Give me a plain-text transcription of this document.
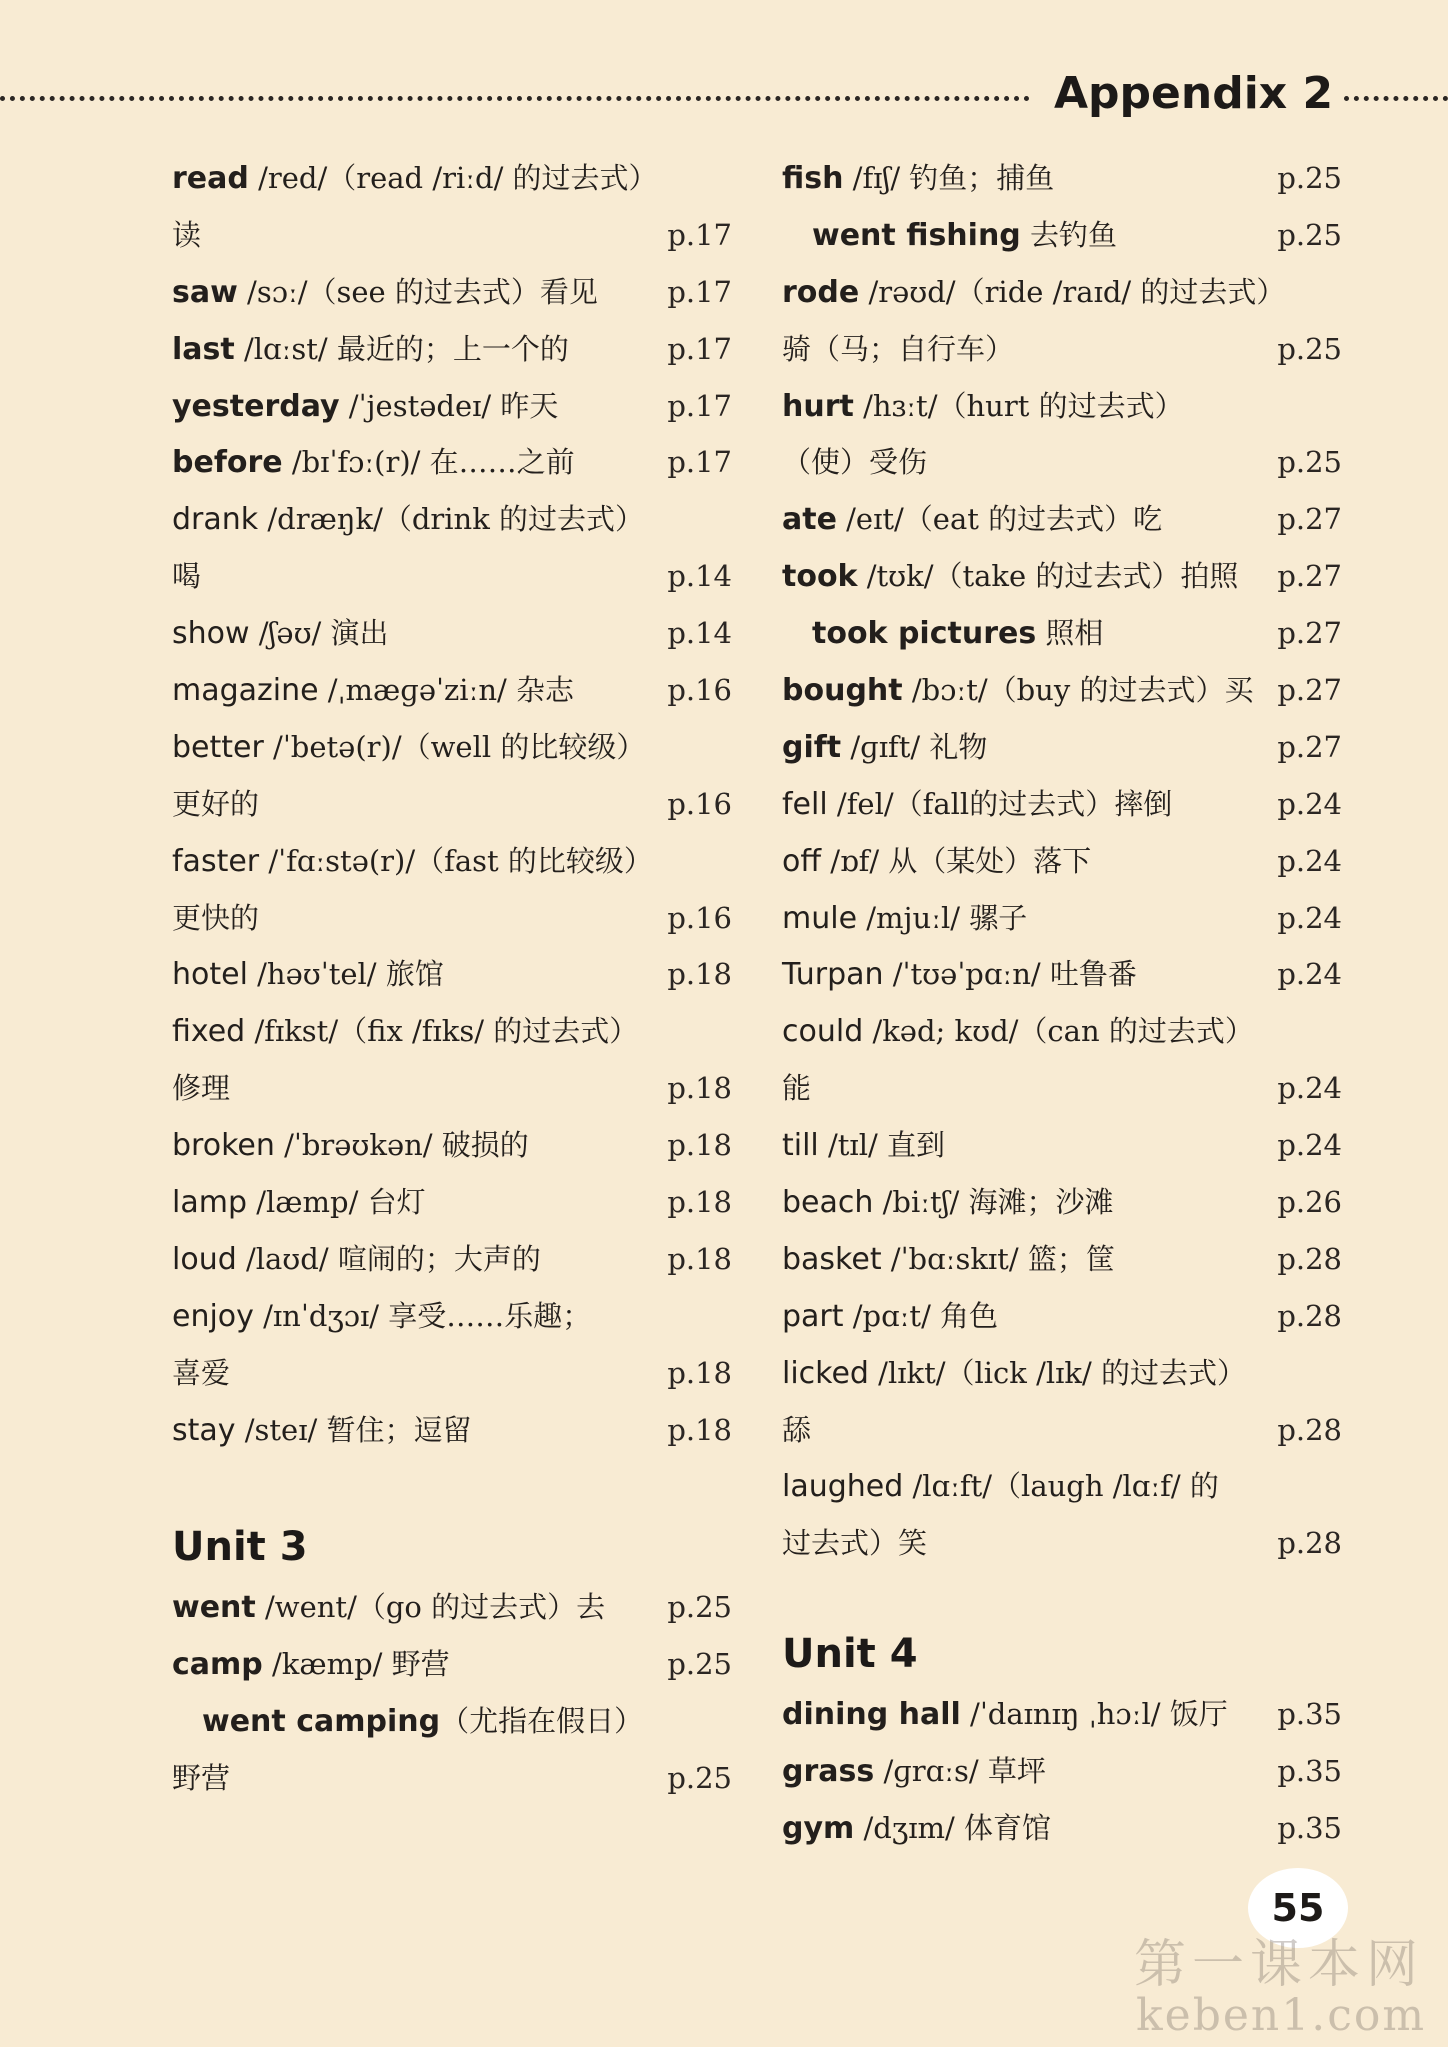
Appendix 2
read /red/（read /riːd/ 的过去式）
读	p.17
saw /sɔː/（see 的过去式）看见 p.17
last /lɑːst/ 最近的；上一个的	p.17
yesterday /ˈjestədeɪ/ 昨天	p.17
before /bɪˈfɔː(r)/ 在……之前	p.17
drank /dræŋk/（drink 的过去式）
喝	p.14
show /ʃəʊ/ 演出	p.14
magazine /ˌmæɡəˈziːn/ 杂志	p.16
better /ˈbetə(r)/（well 的比较级）
更好的	p.16
faster /ˈfɑːstə(r)/（fast 的比较级）
更快的	p.16
hotel /həʊˈtel/ 旅馆	p.18
fixed /fɪkst/（fix /fɪks/ 的过去式）
修理	p.18
broken /ˈbrəʊkən/ 破损的	p.18
lamp /læmp/ 台灯	p.18
loud /laʊd/ 喧闹的；大声的	p.18
enjoy /ɪnˈdʒɔɪ/ 享受……乐趣；
喜爱	p.18
stay /steɪ/ 暂住；逗留	p.18
Unit 3
went /went/（go 的过去式）去 p.25
camp /kæmp/ 野营	p.25
went camping（尤指在假日）
野营	p.25
fish /fɪʃ/ 钓鱼；捕鱼	p.25
went fishing 去钓鱼	p.25
rode /rəʊd/（ride /raɪd/ 的过去式）
骑（马；自行车）	p.25
hurt /hɜːt/（hurt 的过去式）
（使）受伤	p.25
ate /eɪt/（eat 的过去式）吃	p.27
took /tʊk/（take 的过去式）拍照 p.27
took pictures 照相	p.27
bought /bɔːt/（buy 的过去式）买 p.27
gift /ɡɪft/ 礼物	p.27
fell /fel/（fall的过去式）摔倒	p.24
off /ɒf/ 从（某处）落下	p.24
mule /mjuːl/ 骡子	p.24
Turpan /ˈtʊəˈpɑːn/ 吐鲁番	p.24
could /kəd; kʊd/（can 的过去式）
能	p.24
till /tɪl/ 直到	p.24
beach /biːtʃ/ 海滩；沙滩	p.26
basket /ˈbɑːskɪt/ 篮；筐	p.28
part /pɑːt/ 角色	p.28
licked /lɪkt/（lick /lɪk/ 的过去式）
舔	p.28
laughed /lɑːft/（laugh /lɑːf/ 的
过去式）笑	p.28
Unit 4
dining hall /ˈdaɪnɪŋ ˌhɔːl/ 饭厅 p.35
grass /ɡrɑːs/ 草坪	p.35
gym /dʒɪm/ 体育馆	p.35
55
第一课本网
keben1.com
